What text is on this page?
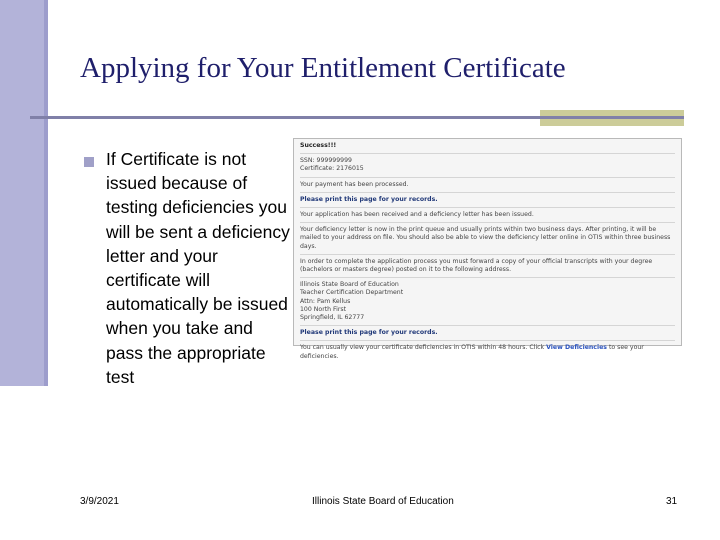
Applying for Your Entitlement Certificate
If Certificate is not issued because of testing deficiencies you will be sent a deficiency letter and your certificate will automatically be issued when you take and pass the appropriate test
Success!!!
SSN: 999999999
Certificate: 2176015
Your payment has been processed.
Please print this page for your records.
Your application has been received and a deficiency letter has been issued.
Your deficiency letter is now in the print queue and usually prints within two business days. After printing, it will be mailed to your address on file. You should also be able to view the deficiency letter online in OTIS within three business days.
In order to complete the application process you must forward a copy of your official transcripts with your degree (bachelors or masters degree) posted on it to the following address.
Illinois State Board of Education
Teacher Certification Department
Attn: Pam Kellus
100 North First
Springfield, IL 62777
Please print this page for your records.
You can usually view your certificate deficiencies in OTIS within 48 hours. Click View Deficiencies to see your deficiencies.
3/9/2021	Illinois State Board of Education	31
